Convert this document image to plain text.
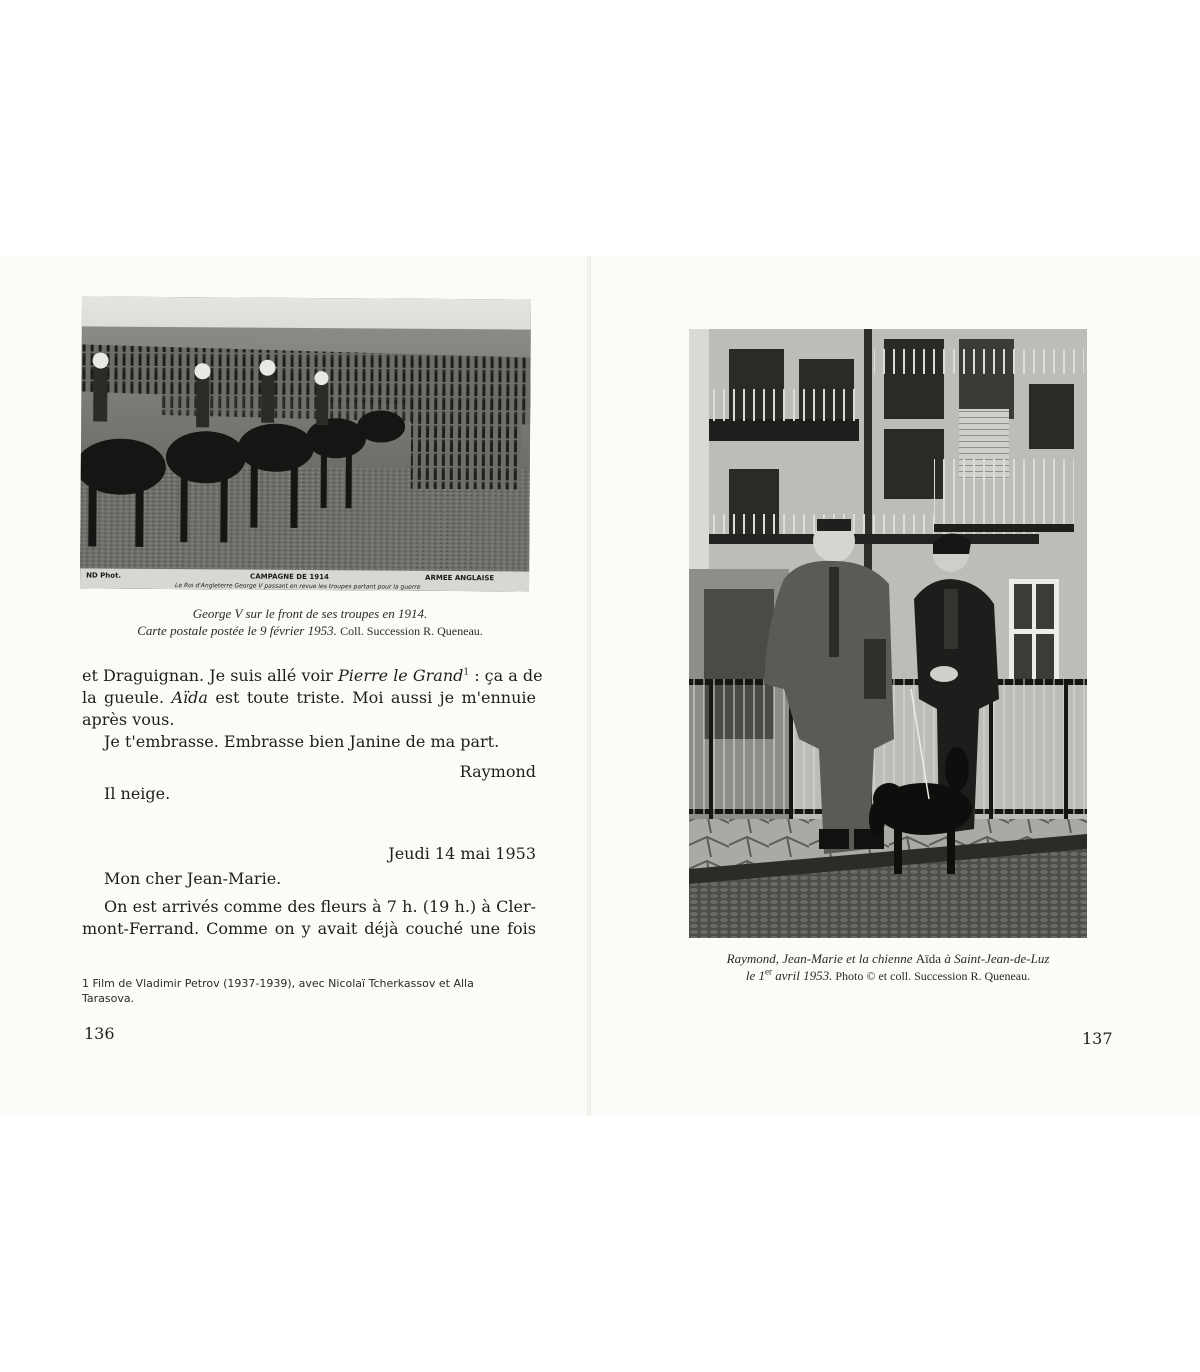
ND Phot.	CAMPAGNE DE 1914	ARMEE ANGLAISE
Le Roi d'Angleterre George V passant en revue les troupes partant pour la guerre
George V sur le front de ses troupes en 1914.
Carte postale postée le 9 février 1953. Coll. Succession R. Queneau.
et Draguignan. Je suis allé voir Pierre le Grand$^1$ : ça a de
la gueule. Aïda est toute triste. Moi aussi je m'ennuie
après vous.
Je t'embrasse. Embrasse bien Janine de ma part.
Raymond
Il neige.
Jeudi 14 mai 1953
Mon cher Jean-Marie.
On est arrivés comme des fleurs à 7 h. (19 h.) à Cler-
mont-Ferrand. Comme on y avait déjà couché une fois
1 Film de Vladimir Petrov (1937-1939), avec Nicolaï Tcherkassov et Alla
Tarasova.
136
Raymond, Jean-Marie et la chienne Aïda à Saint-Jean-de-Luz
le 1er avril 1953. Photo © et coll. Succession R. Queneau.
137
